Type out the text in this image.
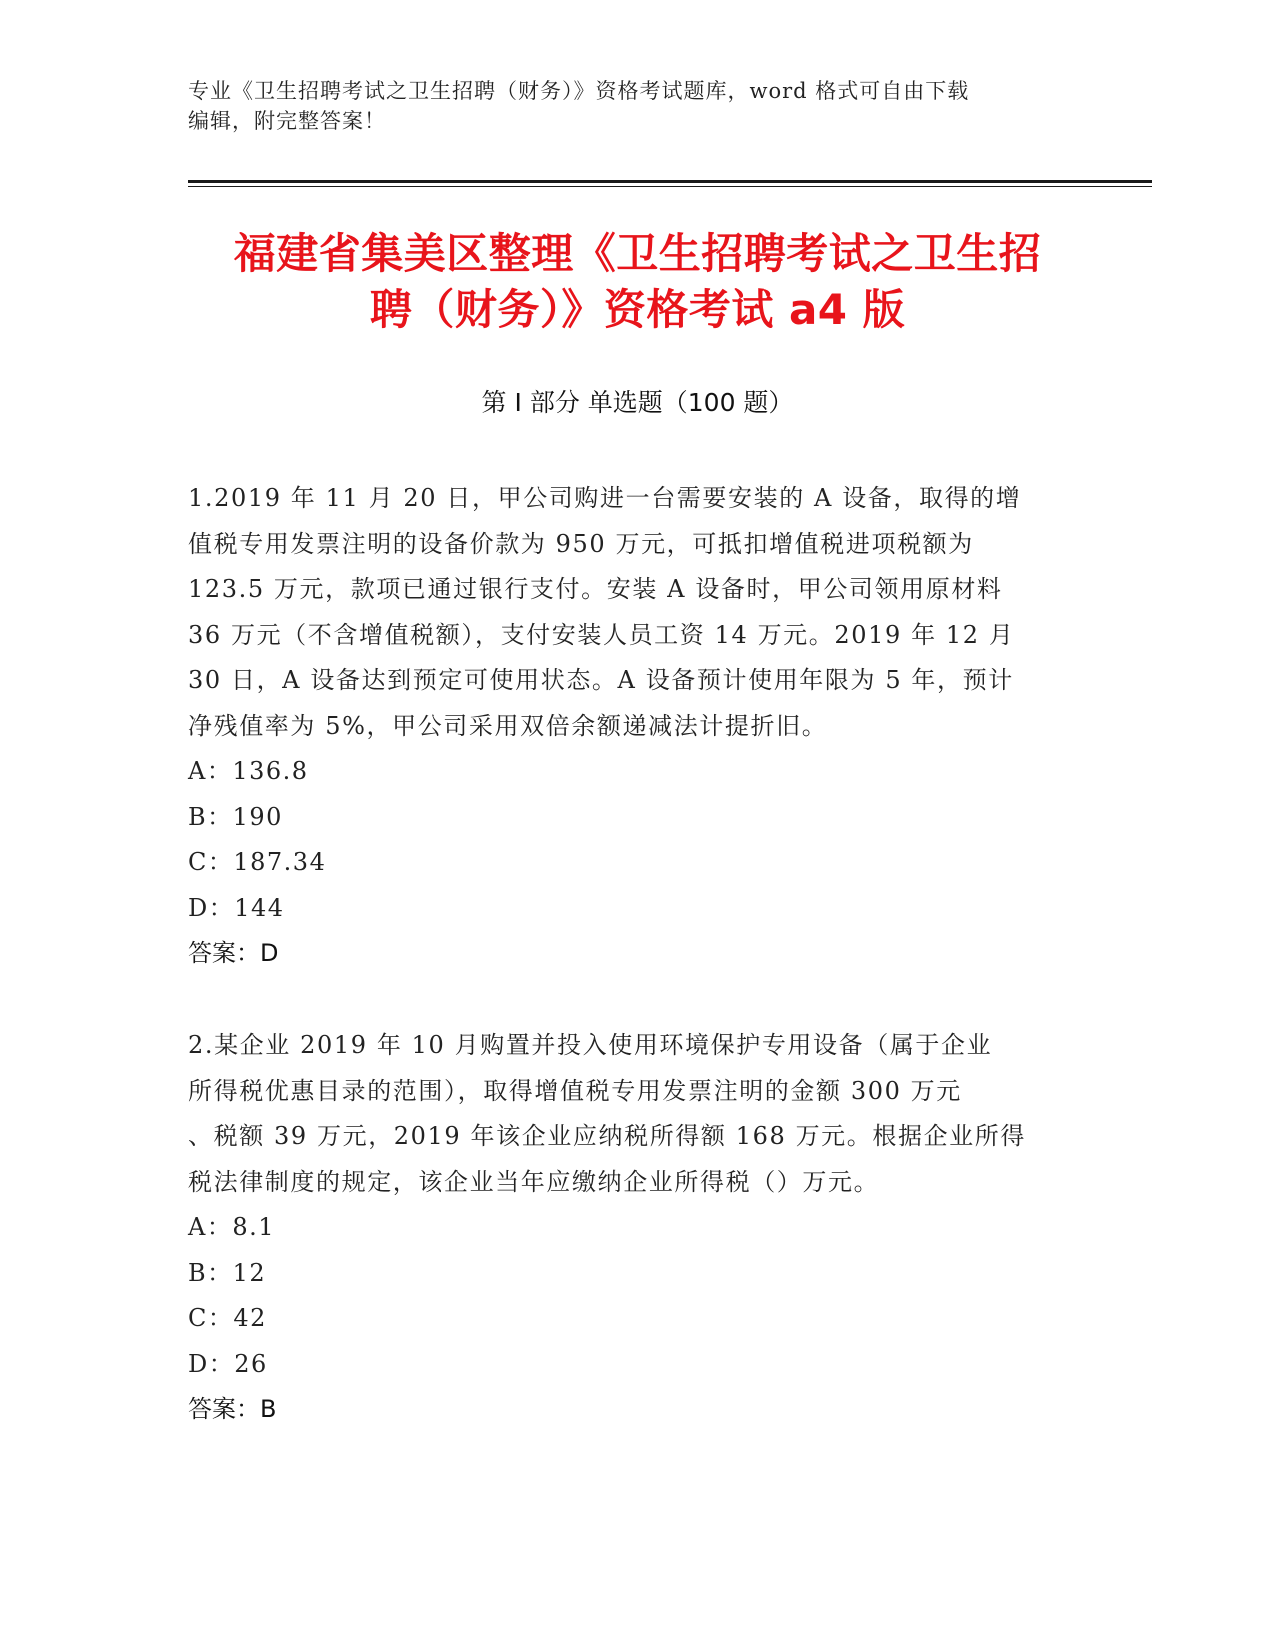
专业《卫生招聘考试之卫生招聘（财务）》资格考试题库，word 格式可自由下载
编辑，附完整答案！
福建省集美区整理《卫生招聘考试之卫生招
聘（财务）》资格考试 a4 版
第 I 部分 单选题（100 题）
1.2019 年 11 月 20 日，甲公司购进一台需要安装的 A 设备，取得的增
值税专用发票注明的设备价款为 950 万元，可抵扣增值税进项税额为
123.5 万元，款项已通过银行支付。安装 A 设备时，甲公司领用原材料
36 万元（不含增值税额），支付安装人员工资 14 万元。2019 年 12 月
30 日，A 设备达到预定可使用状态。A 设备预计使用年限为 5 年，预计
净残值率为 5%，甲公司采用双倍余额递减法计提折旧。
A：136.8
B：190
C：187.34
D：144
答案：D
2.某企业 2019 年 10 月购置并投入使用环境保护专用设备（属于企业
所得税优惠目录的范围），取得增值税专用发票注明的金额 300 万元
、税额 39 万元，2019 年该企业应纳税所得额 168 万元。根据企业所得
税法律制度的规定，该企业当年应缴纳企业所得税（）万元。
A：8.1
B：12
C：42
D：26
答案：B
